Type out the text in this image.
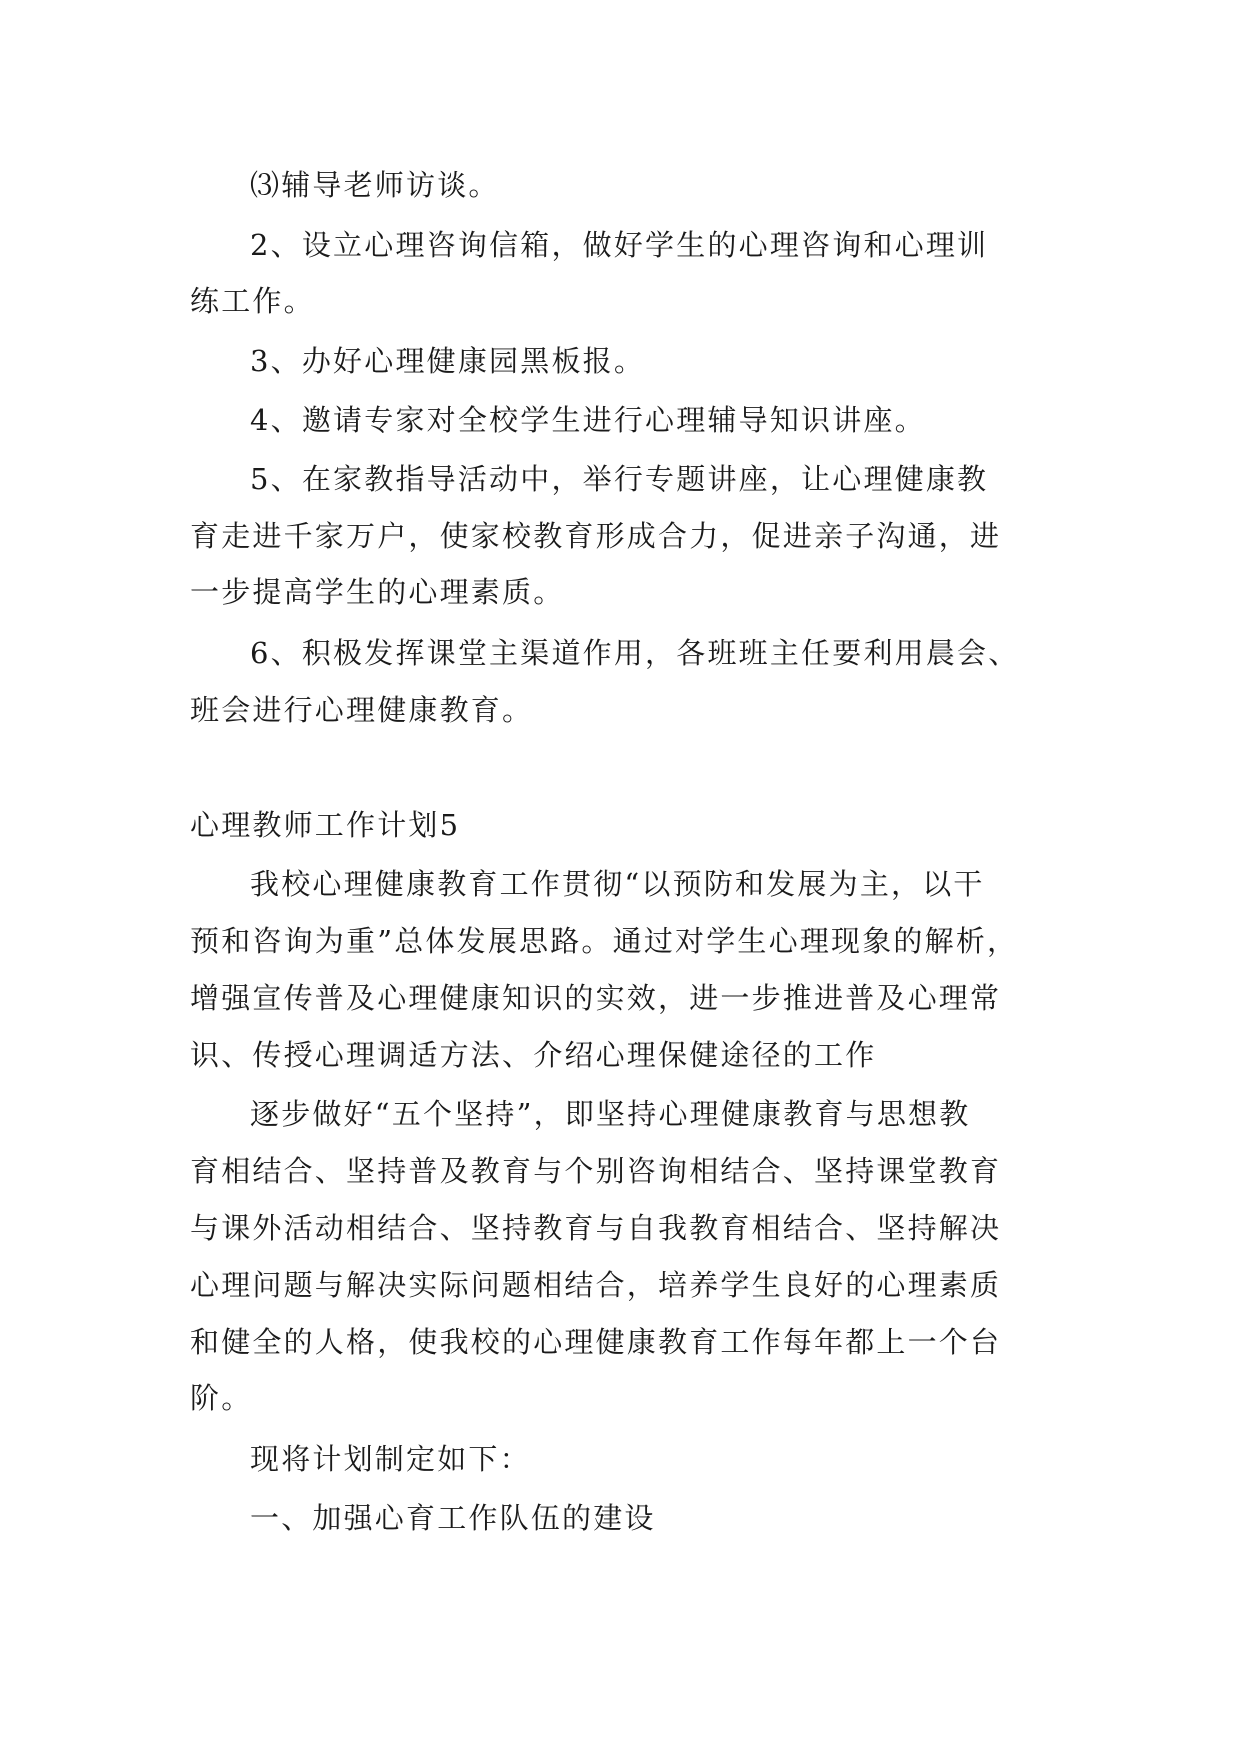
⑶辅导老师访谈。

2、设立心理咨询信箱，做好学生的心理咨询和心理训

练工作。

3、办好心理健康园黑板报。

4、邀请专家对全校学生进行心理辅导知识讲座。

5、在家教指导活动中，举行专题讲座，让心理健康教

育走进千家万户，使家校教育形成合力，促进亲子沟通，进

一步提高学生的心理素质。

6、积极发挥课堂主渠道作用，各班班主任要利用晨会、

班会进行心理健康教育。

心理教师工作计划5

我校心理健康教育工作贯彻“以预防和发展为主，以干

预和咨询为重”总体发展思路。通过对学生心理现象的解析，

增强宣传普及心理健康知识的实效，进一步推进普及心理常

识、传授心理调适方法、介绍心理保健途径的工作

逐步做好“五个坚持”，即坚持心理健康教育与思想教

育相结合、坚持普及教育与个别咨询相结合、坚持课堂教育

与课外活动相结合、坚持教育与自我教育相结合、坚持解决

心理问题与解决实际问题相结合，培养学生良好的心理素质

和健全的人格，使我校的心理健康教育工作每年都上一个台

阶。

现将计划制定如下：

一、加强心育工作队伍的建设
